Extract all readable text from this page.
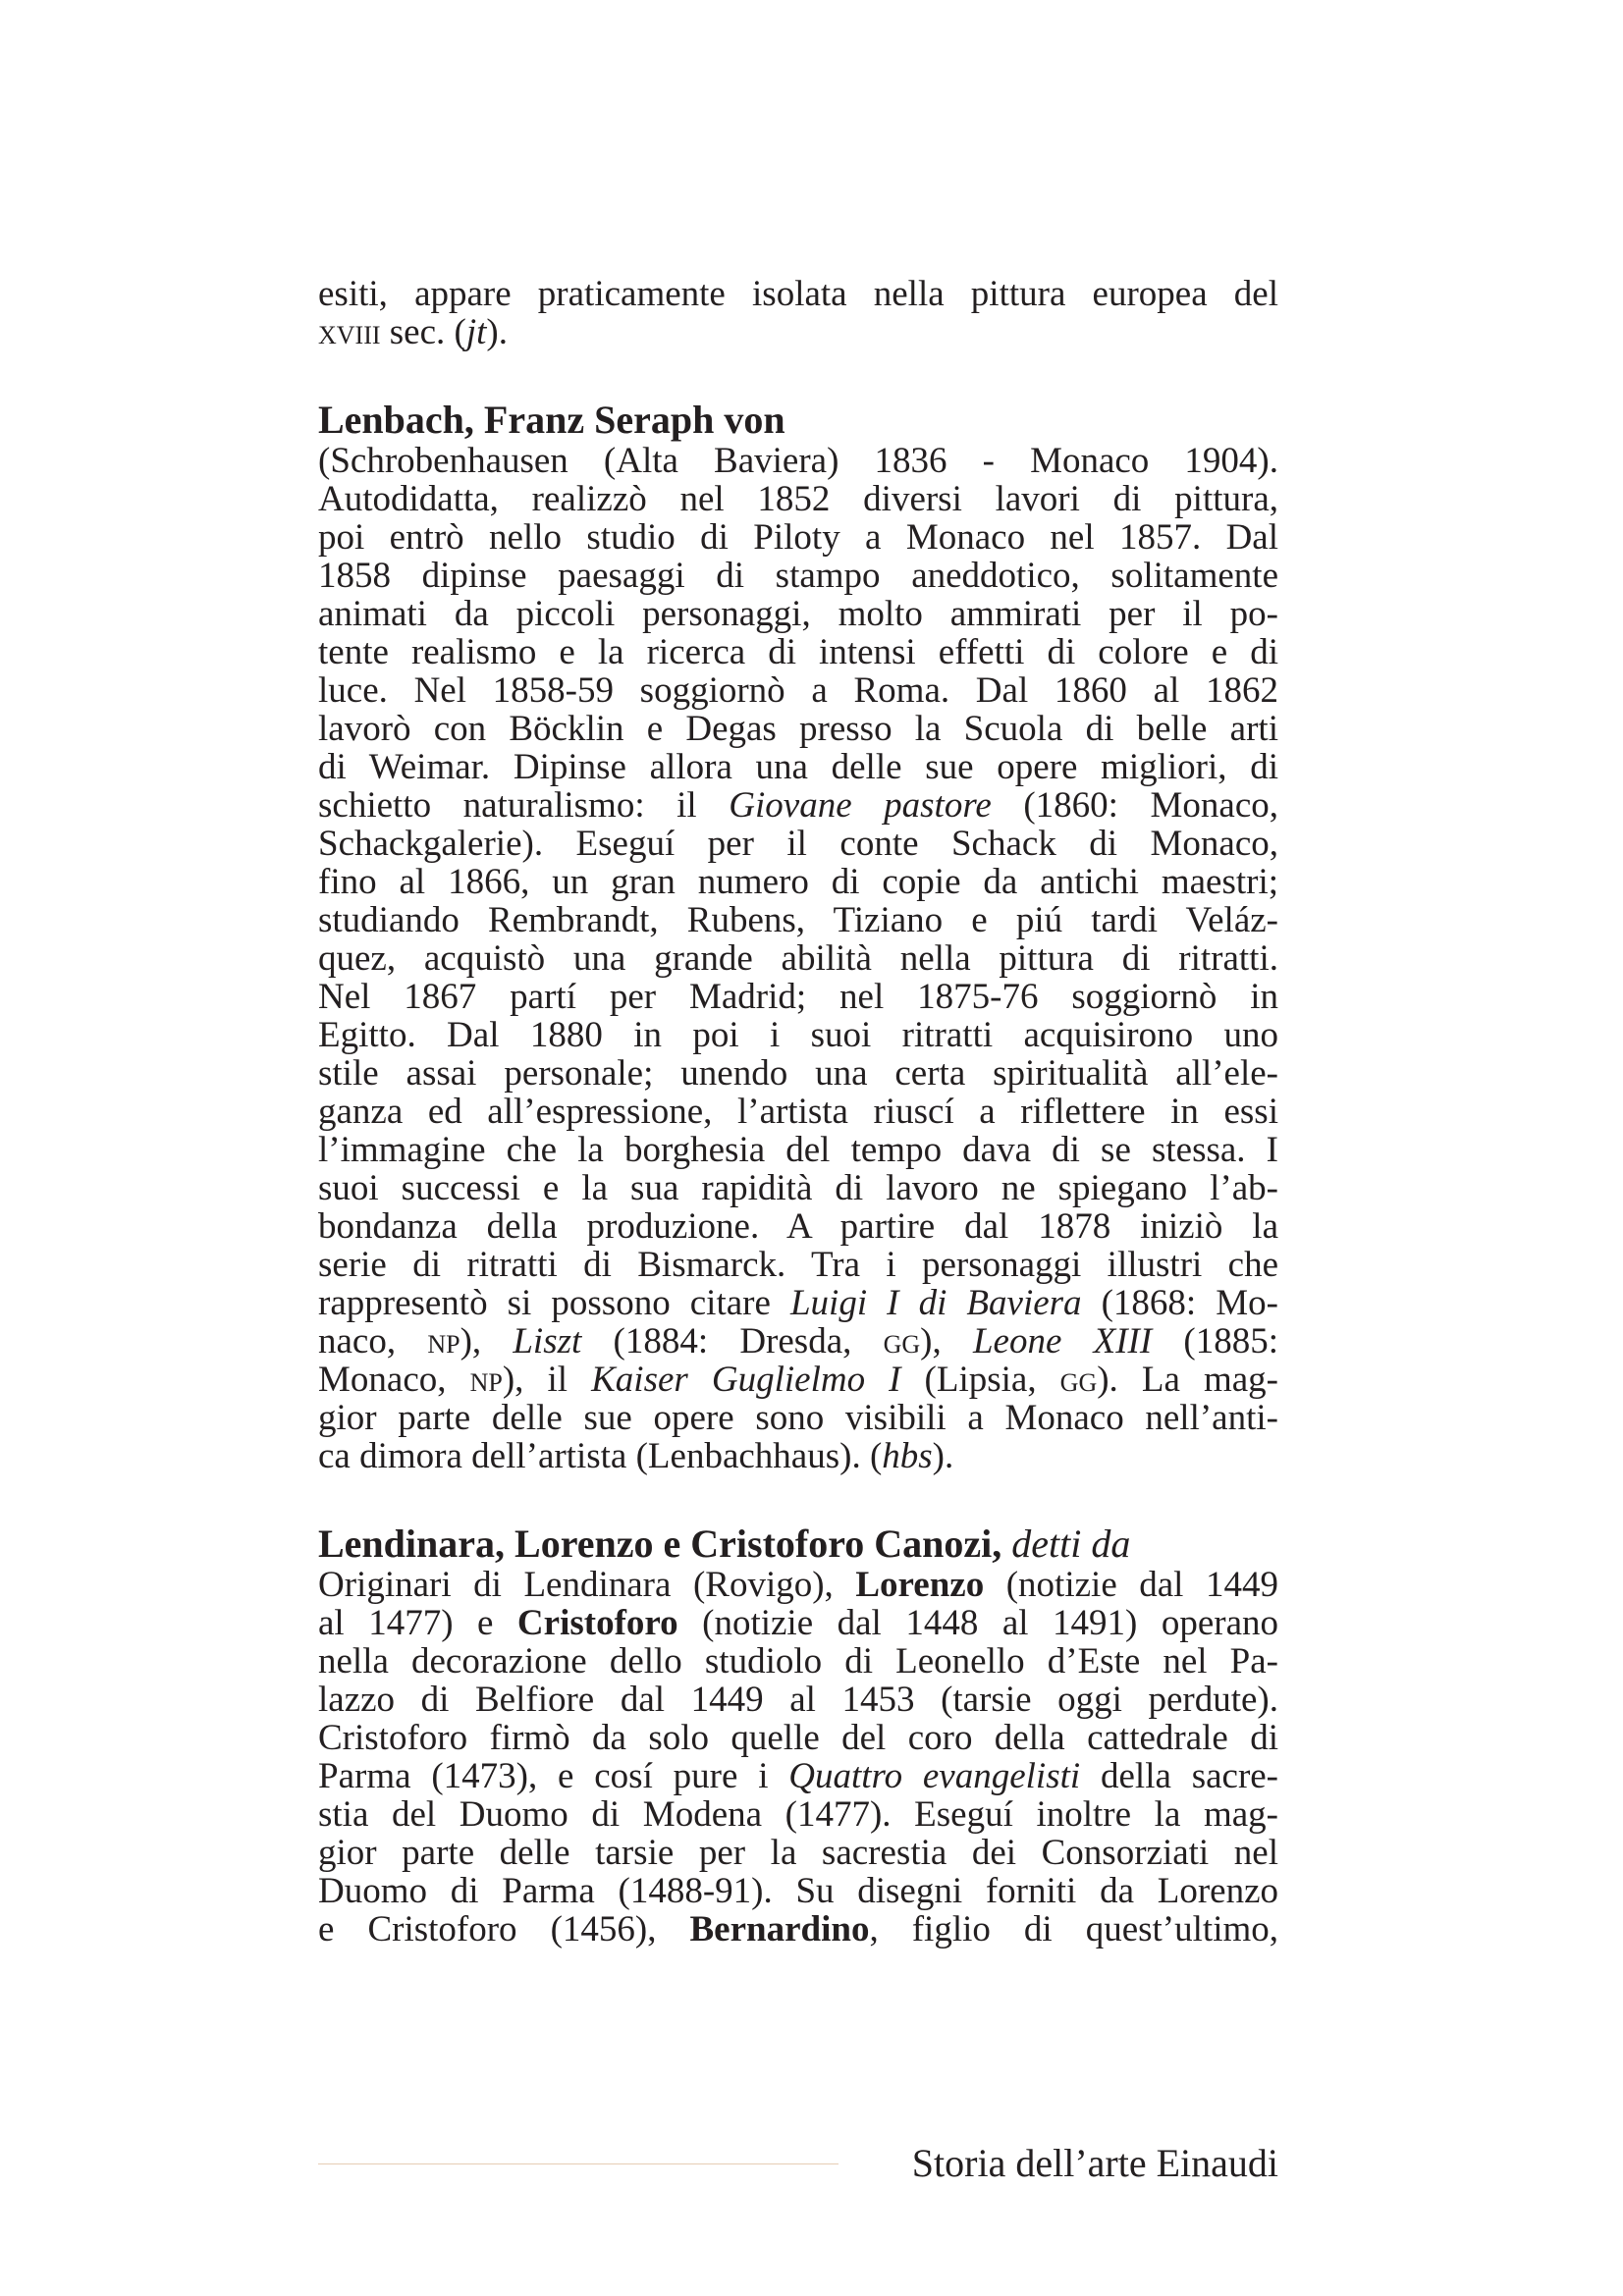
esiti, appare praticamente isolata nella pittura europea del
xviii sec. (jt).
Lenbach, Franz Seraph von
(Schrobenhausen (Alta Baviera) 1836 - Monaco 1904).
Autodidatta, realizzò nel 1852 diversi lavori di pittura,
poi entrò nello studio di Piloty a Monaco nel 1857. Dal
1858 dipinse paesaggi di stampo aneddotico, solitamente
animati da piccoli personaggi, molto ammirati per il po-
tente realismo e la ricerca di intensi effetti di colore e di
luce. Nel 1858-59 soggiornò a Roma. Dal 1860 al 1862
lavorò con Böcklin e Degas presso la Scuola di belle arti
di Weimar. Dipinse allora una delle sue opere migliori, di
schietto naturalismo: il Giovane pastore (1860: Monaco,
Schackgalerie). Eseguí per il conte Schack di Monaco,
fino al 1866, un gran numero di copie da antichi maestri;
studiando Rembrandt, Rubens, Tiziano e piú tardi Veláz-
quez, acquistò una grande abilità nella pittura di ritratti.
Nel 1867 partí per Madrid; nel 1875-76 soggiornò in
Egitto. Dal 1880 in poi i suoi ritratti acquisirono uno
stile assai personale; unendo una certa spiritualità all’ele-
ganza ed all’espressione, l’artista riuscí a riflettere in essi
l’immagine che la borghesia del tempo dava di se stessa. I
suoi successi e la sua rapidità di lavoro ne spiegano l’ab-
bondanza della produzione. A partire dal 1878 iniziò la
serie di ritratti di Bismarck. Tra i personaggi illustri che
rappresentò si possono citare Luigi I di Baviera (1868: Mo-
naco, np), Liszt (1884: Dresda, gg), Leone XIII (1885:
Monaco, np), il Kaiser Guglielmo I (Lipsia, gg). La mag-
gior parte delle sue opere sono visibili a Monaco nell’anti-
ca dimora dell’artista (Lenbachhaus). (hbs).
Lendinara, Lorenzo e Cristoforo Canozi, detti da
Originari di Lendinara (Rovigo), Lorenzo (notizie dal 1449
al 1477) e Cristoforo (notizie dal 1448 al 1491) operano
nella decorazione dello studiolo di Leonello d’Este nel Pa-
lazzo di Belfiore dal 1449 al 1453 (tarsie oggi perdute).
Cristoforo firmò da solo quelle del coro della cattedrale di
Parma (1473), e cosí pure i Quattro evangelisti della sacre-
stia del Duomo di Modena (1477). Eseguí inoltre la mag-
gior parte delle tarsie per la sacrestia dei Consorziati nel
Duomo di Parma (1488-91). Su disegni forniti da Lorenzo
e Cristoforo (1456), Bernardino, figlio di quest’ultimo,
Storia dell’arte Einaudi
